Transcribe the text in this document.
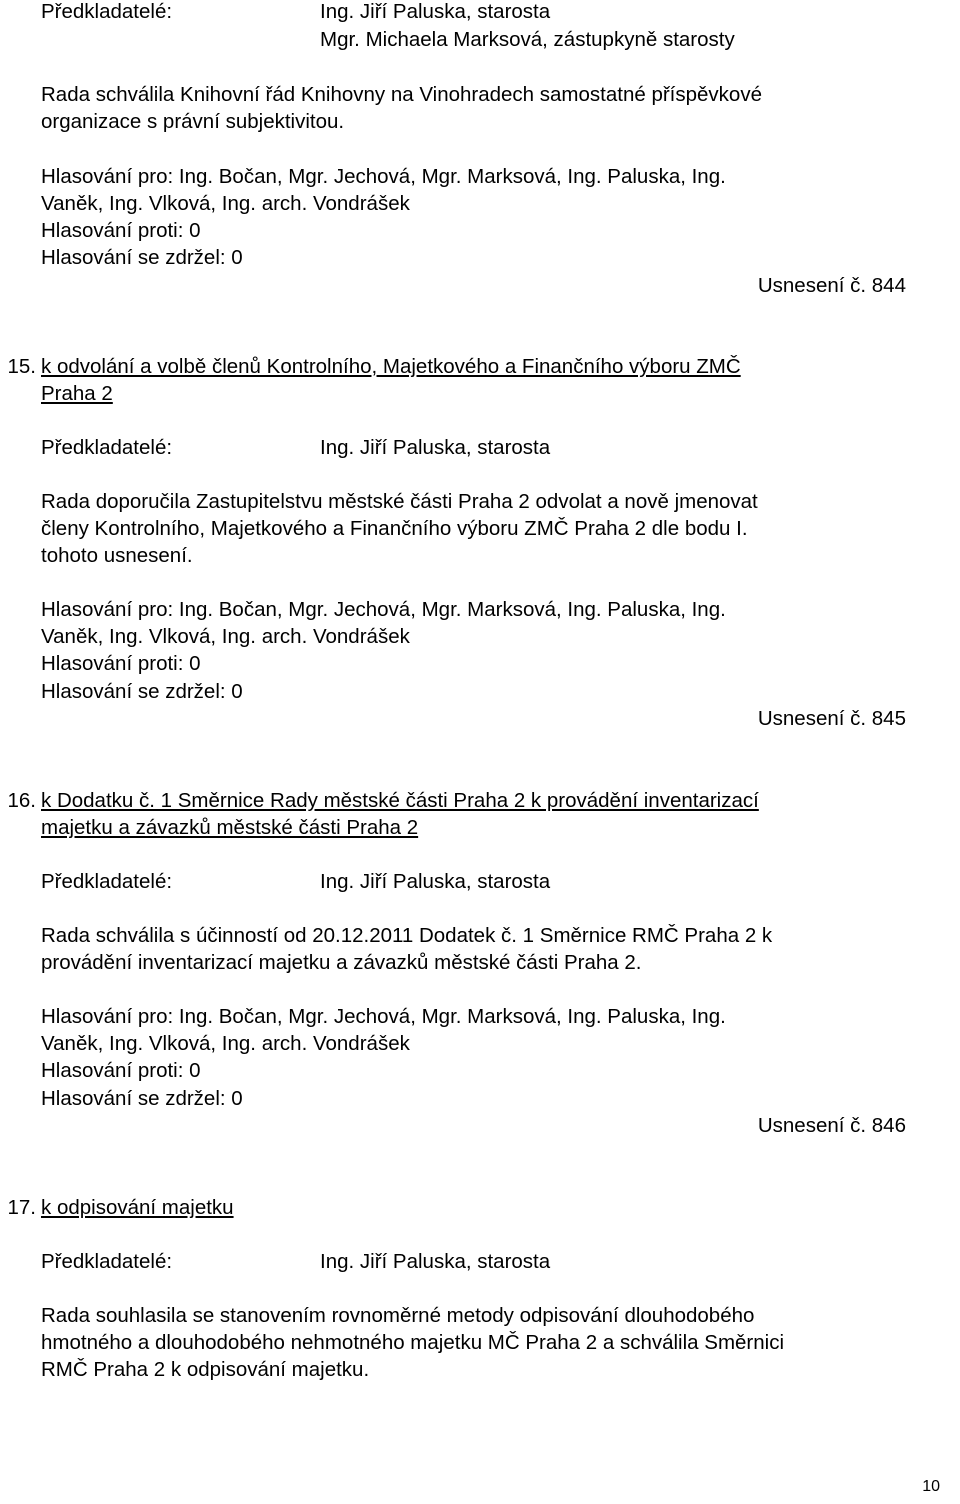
Předkladatelé:	Ing. Jiří Paluska, starosta
Mgr. Michaela Marksová, zástupkyně starosty
Rada schválila Knihovní řád Knihovny na Vinohradech samostatné příspěvkové
organizace s právní subjektivitou.
Hlasování pro: Ing. Bočan, Mgr. Jechová, Mgr. Marksová, Ing. Paluska, Ing.
Vaněk, Ing. Vlková, Ing. arch. Vondrášek
Hlasování proti: 0
Hlasování se zdržel: 0
Usnesení č. 844
15. k odvolání a volbě členů Kontrolního, Majetkového a Finančního výboru ZMČ
Praha 2
Předkladatelé:	Ing. Jiří Paluska, starosta
Rada doporučila Zastupitelstvu městské části Praha 2 odvolat a nově jmenovat
členy Kontrolního, Majetkového a Finančního výboru ZMČ Praha 2 dle bodu I.
tohoto usnesení.
Hlasování pro: Ing. Bočan, Mgr. Jechová, Mgr. Marksová, Ing. Paluska, Ing.
Vaněk, Ing. Vlková, Ing. arch. Vondrášek
Hlasování proti: 0
Hlasování se zdržel: 0
Usnesení č. 845
16. k Dodatku č. 1 Směrnice Rady městské části Praha 2 k provádění inventarizací
majetku a závazků městské části Praha 2
Předkladatelé:	Ing. Jiří Paluska, starosta
Rada schválila s účinností od 20.12.2011 Dodatek č. 1 Směrnice RMČ Praha 2 k
provádění inventarizací majetku a závazků městské části Praha 2.
Hlasování pro: Ing. Bočan, Mgr. Jechová, Mgr. Marksová, Ing. Paluska, Ing.
Vaněk, Ing. Vlková, Ing. arch. Vondrášek
Hlasování proti: 0
Hlasování se zdržel: 0
Usnesení č. 846
17. k odpisování majetku
Předkladatelé:	Ing. Jiří Paluska, starosta
Rada souhlasila se stanovením rovnoměrné metody odpisování dlouhodobého
hmotného a dlouhodobého nehmotného majetku MČ Praha 2 a schválila Směrnici
RMČ Praha 2 k odpisování majetku.
10
